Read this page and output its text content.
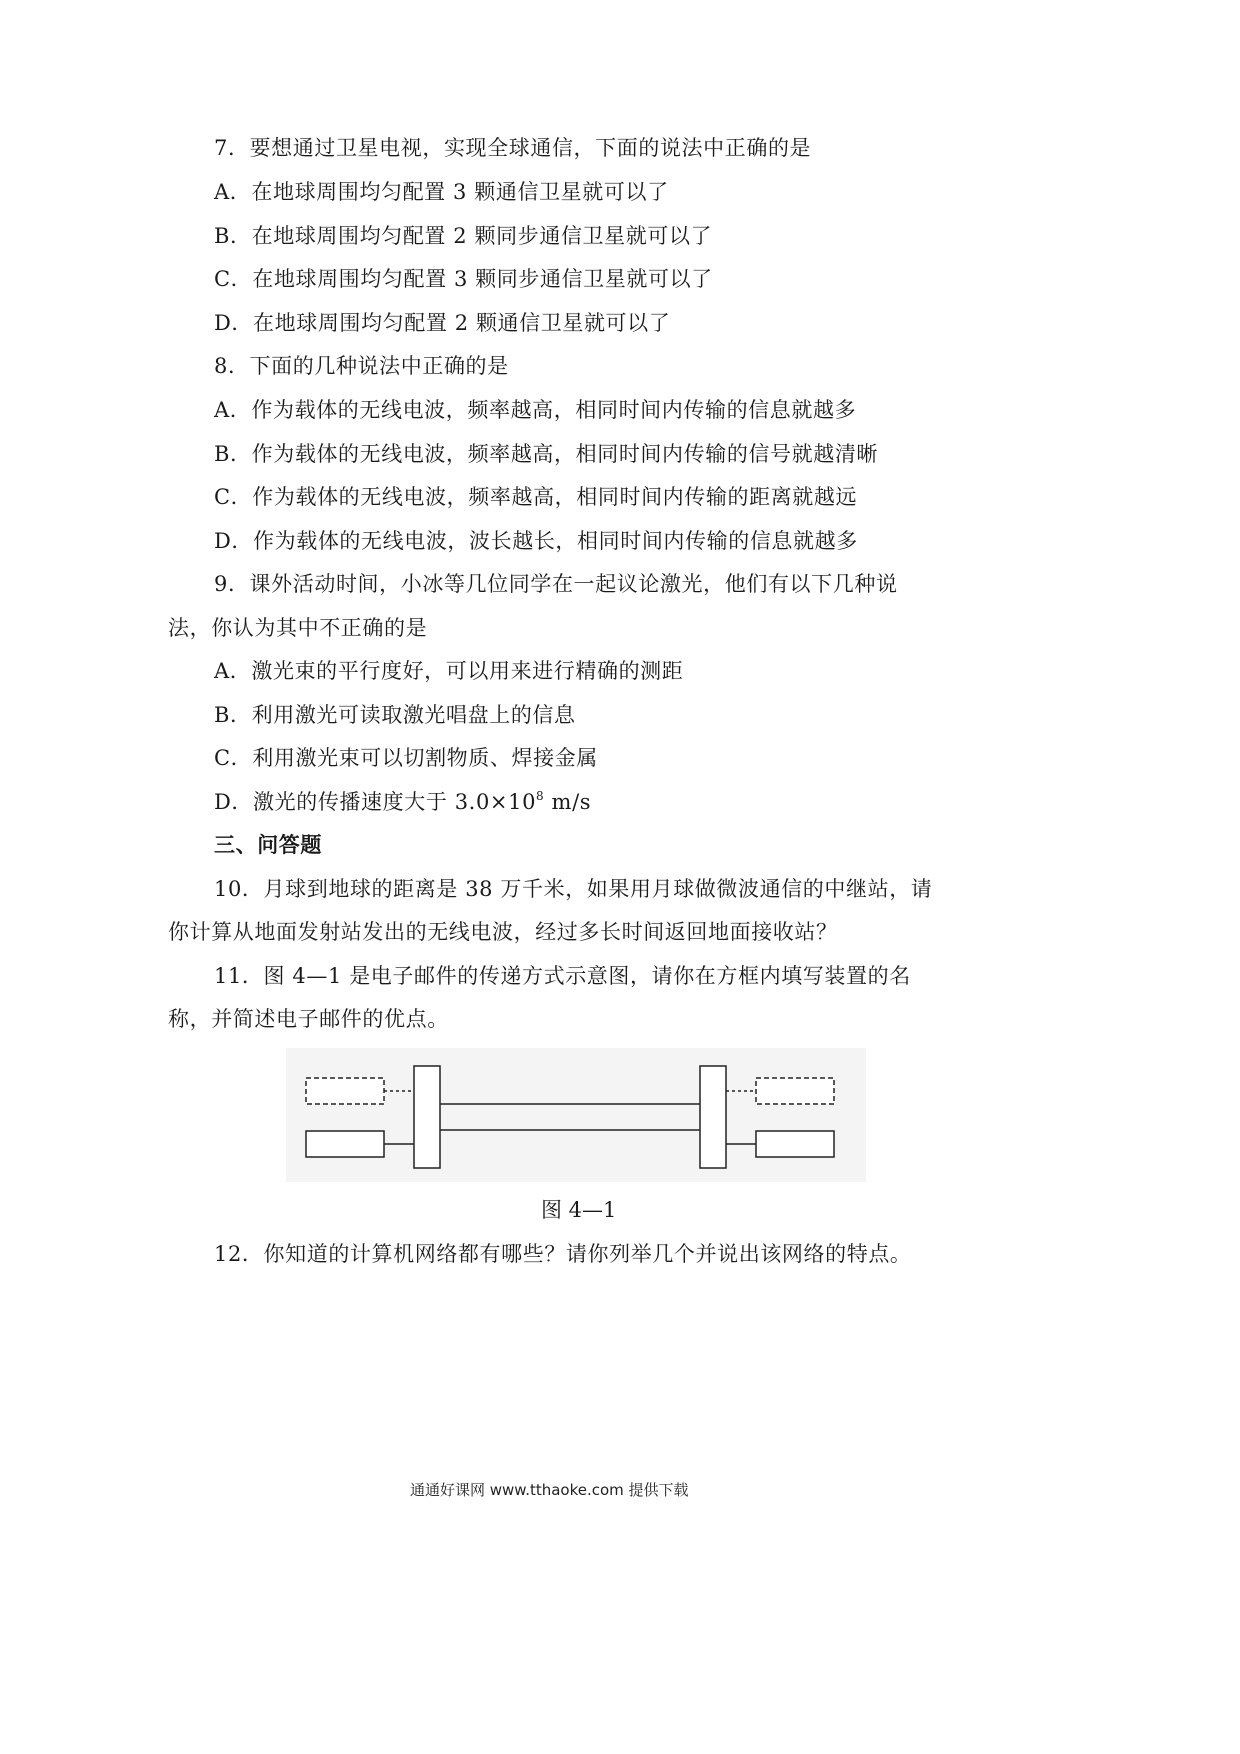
7．要想通过卫星电视，实现全球通信，下面的说法中正确的是
A．在地球周围均匀配置 3 颗通信卫星就可以了
B．在地球周围均匀配置 2 颗同步通信卫星就可以了
C．在地球周围均匀配置 3 颗同步通信卫星就可以了
D．在地球周围均匀配置 2 颗通信卫星就可以了
8．下面的几种说法中正确的是
A．作为载体的无线电波，频率越高，相同时间内传输的信息就越多
B．作为载体的无线电波，频率越高，相同时间内传输的信号就越清晰
C．作为载体的无线电波，频率越高，相同时间内传输的距离就越远
D．作为载体的无线电波，波长越长，相同时间内传输的信息就越多
9．课外活动时间，小冰等几位同学在一起议论激光，他们有以下几种说
法，你认为其中不正确的是
A．激光束的平行度好，可以用来进行精确的测距
B．利用激光可读取激光唱盘上的信息
C．利用激光束可以切割物质、焊接金属
D．激光的传播速度大于 $3.0\times 10^8$ m/s
三、问答题
10．月球到地球的距离是 38 万千米，如果用月球做微波通信的中继站，请
你计算从地面发射站发出的无线电波，经过多长时间返回地面接收站？
11．图 4—1 是电子邮件的传递方式示意图，请你在方框内填写装置的名
称，并简述电子邮件的优点。
图 4—1
12．你知道的计算机网络都有哪些？请你列举几个并说出该网络的特点。
通通好课网 www.tthaoke.com 提供下载
